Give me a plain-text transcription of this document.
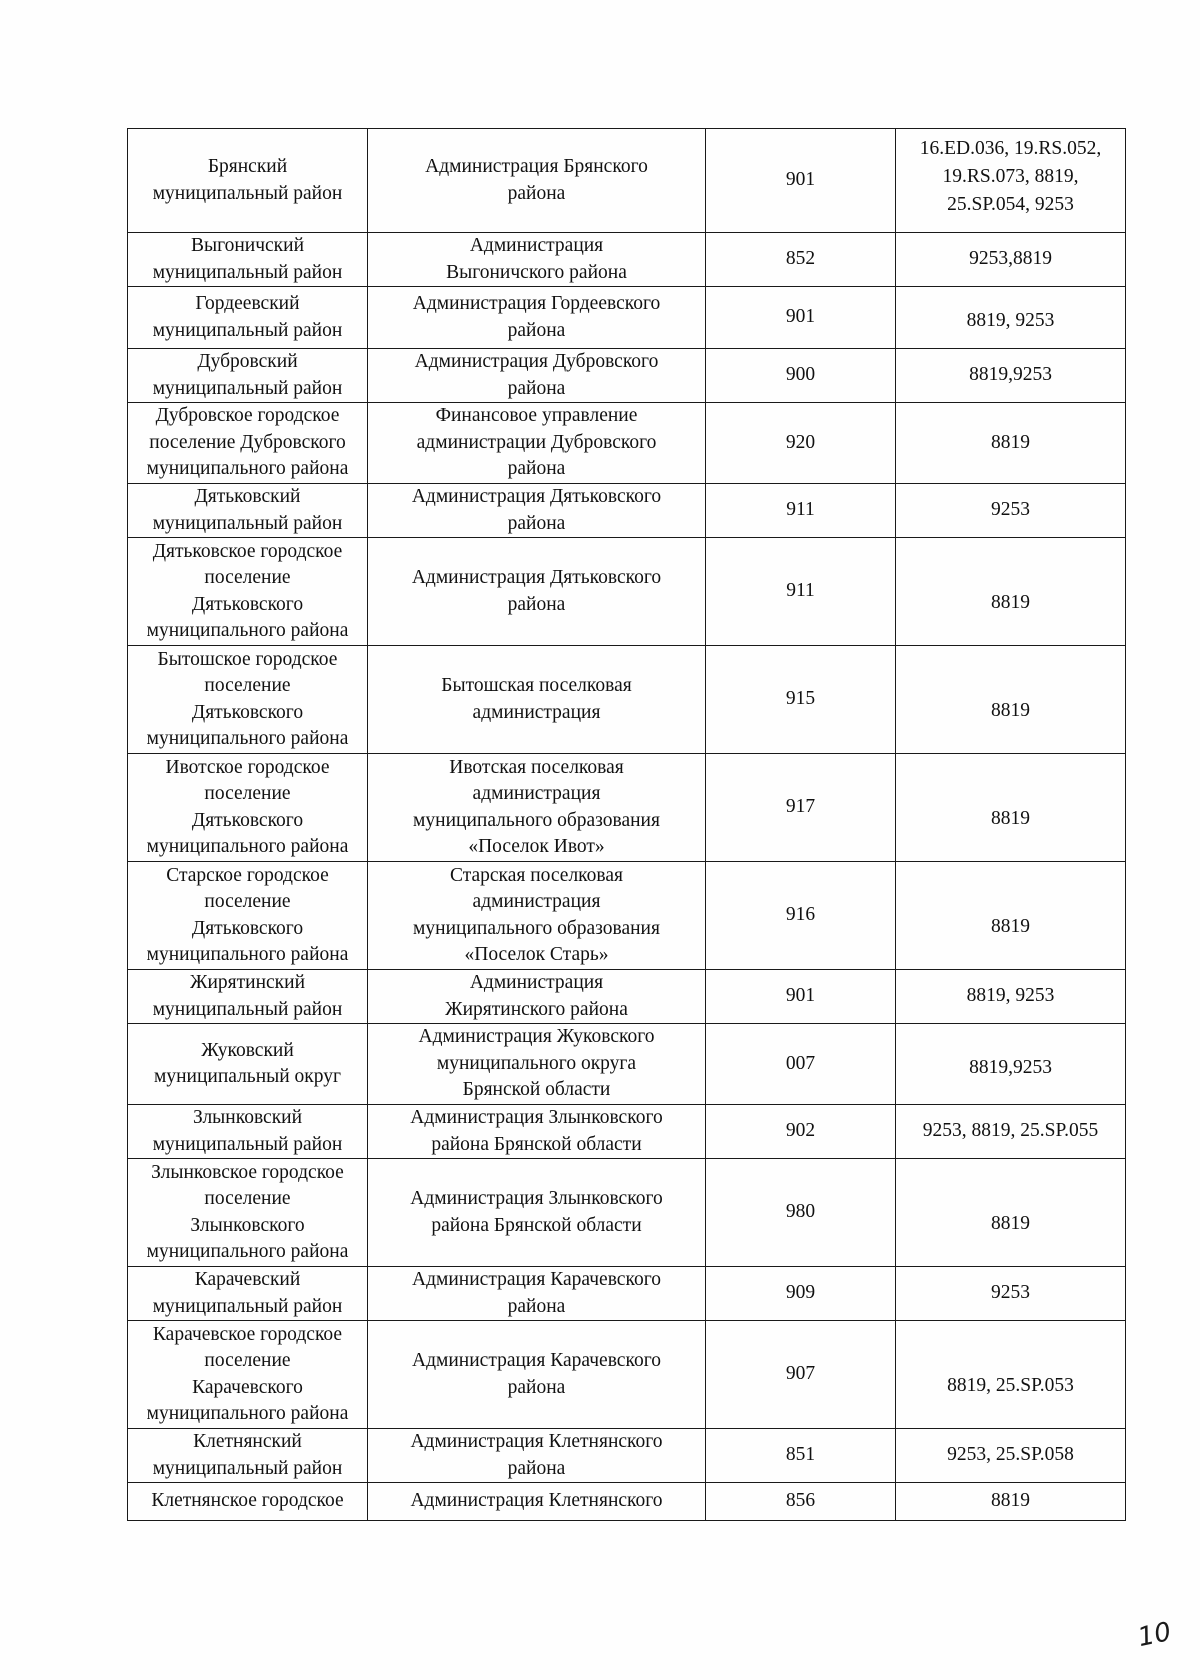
Брянский
муниципальный район	Администрация Брянского
района	901	16.ED.036, 19.RS.052,
19.RS.073, 8819,
25.SP.054, 9253

Выгоничский
муниципальный район	Администрация
Выгоничского района	852	9253,8819

Гордеевский
муниципальный район	Администрация Гордеевского
района	901	8819, 9253

Дубровский
муниципальный район	Администрация Дубровского
района	900	8819,9253

Дубровское городское
поселение Дубровского
муниципального района	Финансовое управление
администрации Дубровского
района	920	8819

Дятьковский
муниципальный район	Администрация Дятьковского
района	911	9253

Дятьковское городское
поселение
Дятьковского
муниципального района	Администрация Дятьковского
района	911	8819

Бытошское городское
поселение
Дятьковского
муниципального района	Бытошская поселковая
администрация	915	8819

Ивотское городское
поселение
Дятьковского
муниципального района	Ивотская поселковая
администрация
муниципального образования
«Поселок Ивот»	917	8819

Старское городское
поселение
Дятьковского
муниципального района	Старская поселковая
администрация
муниципального образования
«Поселок Старь»	916	8819

Жирятинский
муниципальный район	Администрация
Жирятинского района	901	8819, 9253

Жуковский
муниципальный округ	Администрация Жуковского
муниципального округа
Брянской области	007	8819,9253

Злынковский
муниципальный район	Администрация Злынковского
района Брянской области	902	9253, 8819, 25.SP.055

Злынковское городское
поселение
Злынковского
муниципального района	Администрация Злынковского
района Брянской области	980	8819

Карачевский
муниципальный район	Администрация Карачевского
района	909	9253

Карачевское городское
поселение
Карачевского
муниципального района	Администрация Карачевского
района	907	8819, 25.SP.053

Клетнянский
муниципальный район	Администрация Клетнянского
района	851	9253, 25.SP.058

Клетнянское городское	Администрация Клетнянского	856	8819
10
